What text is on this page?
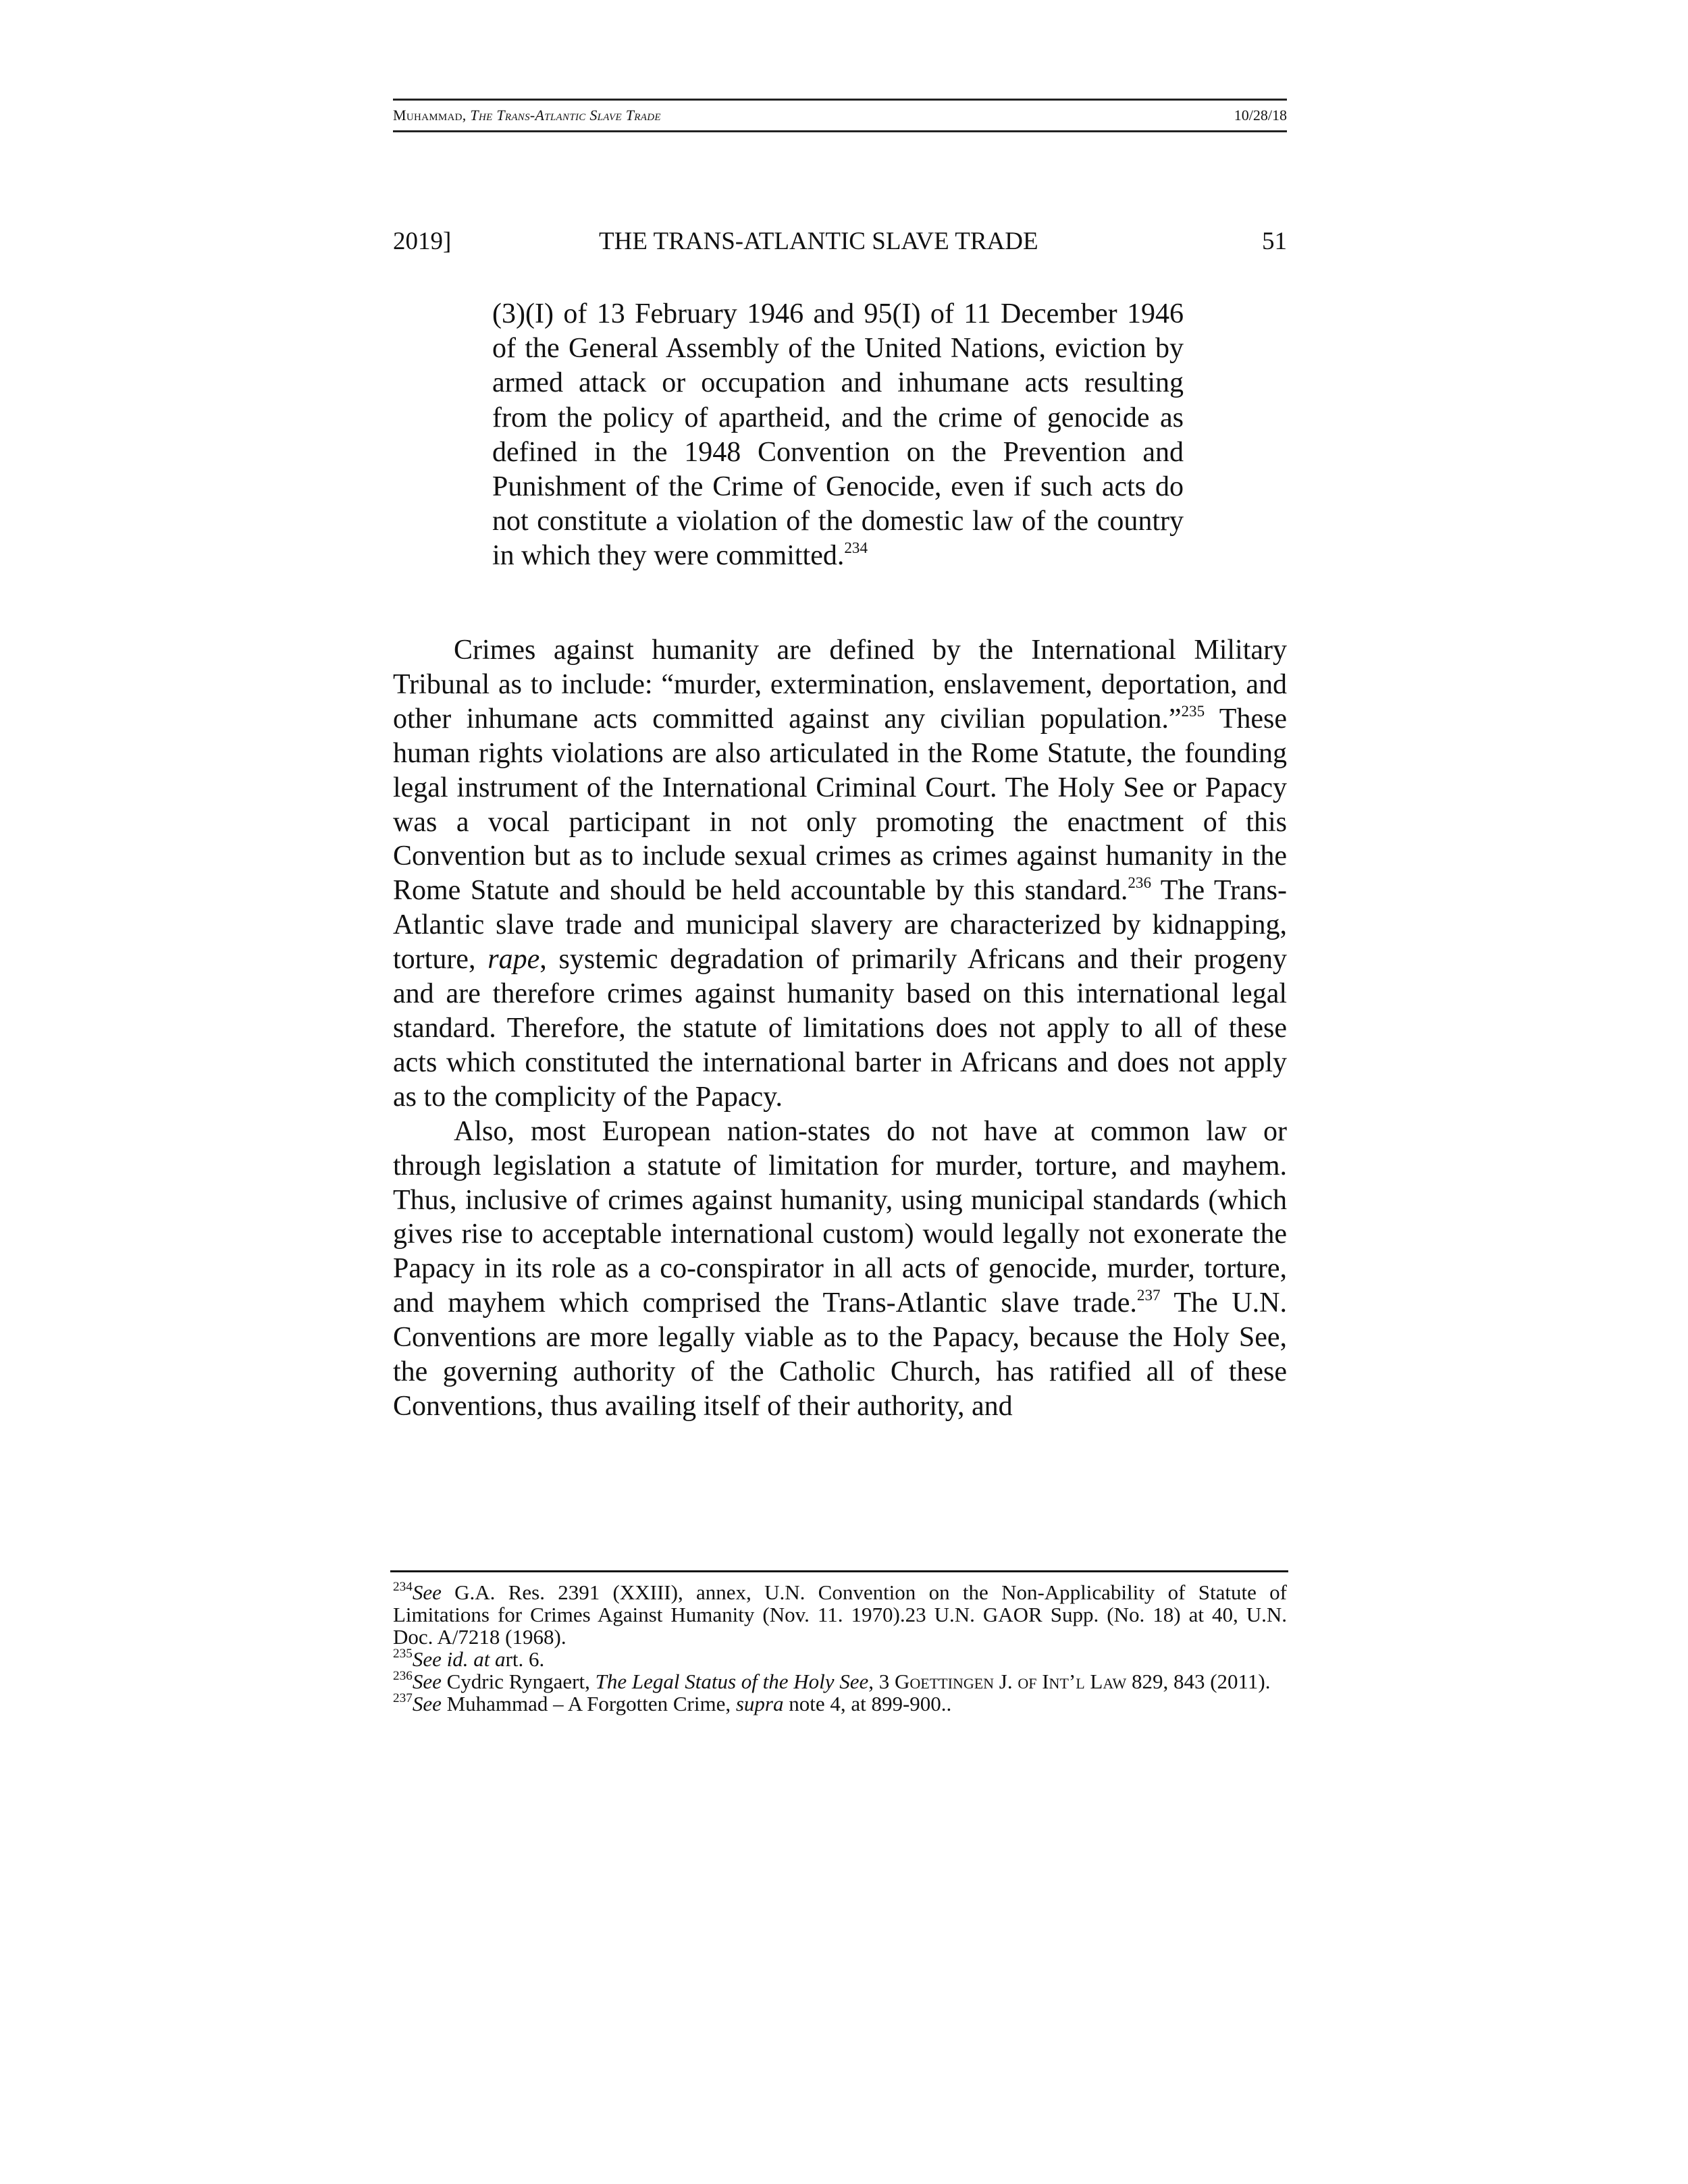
Muhammad, The Trans-Atlantic Slave Trade	10/28/18
2019]	THE TRANS-ATLANTIC SLAVE TRADE	51
(3)(I) of 13 February 1946 and 95(I) of 11 December 1946 of the General Assembly of the United Nations, eviction by armed attack or occupation and inhumane acts resulting from the policy of apartheid, and the crime of genocide as defined in the 1948 Convention on the Prevention and Punishment of the Crime of Genocide, even if such acts do not constitute a violation of the domestic law of the country in which they were committed.$^{234}$

Crimes against humanity are defined by the International Military Tribunal as to include: “murder, extermination, enslavement, deportation, and other inhumane acts committed against any civilian population.”$^{235}$ These human rights violations are also articulated in the Rome Statute, the founding legal instrument of the International Criminal Court. The Holy See or Papacy was a vocal participant in not only promoting the enactment of this Convention but as to include sexual crimes as crimes against humanity in the Rome Statute and should be held accountable by this standard.$^{236}$ The Trans-Atlantic slave trade and municipal slavery are characterized by kidnapping, torture, rape, systemic degradation of primarily Africans and their progeny and are therefore crimes against humanity based on this international legal standard. Therefore, the statute of limitations does not apply to all of these acts which constituted the international barter in Africans and does not apply as to the complicity of the Papacy.

Also, most European nation-states do not have at common law or through legislation a statute of limitation for murder, torture, and mayhem. Thus, inclusive of crimes against humanity, using municipal standards (which gives rise to acceptable international custom) would legally not exonerate the Papacy in its role as a co-conspirator in all acts of genocide, murder, torture, and mayhem which comprised the Trans-Atlantic slave trade.$^{237}$ The U.N. Conventions are more legally viable as to the Papacy, because the Holy See, the governing authority of the Catholic Church, has ratified all of these Conventions, thus availing itself of their authority, and

$^{234}$See G.A. Res. 2391 (XXIII), annex, U.N. Convention on the Non-Applicability of Statute of Limitations for Crimes Against Humanity (Nov. 11. 1970).23 U.N. GAOR Supp. (No. 18) at 40, U.N. Doc. A/7218 (1968).

$^{235}$See id. at art. 6.

$^{236}$See Cydric Ryngaert, The Legal Status of the Holy See, 3 Goettingen J. of Int’l Law 829, 843 (2011).

$^{237}$See Muhammad – A Forgotten Crime, supra note 4, at 899-900..
